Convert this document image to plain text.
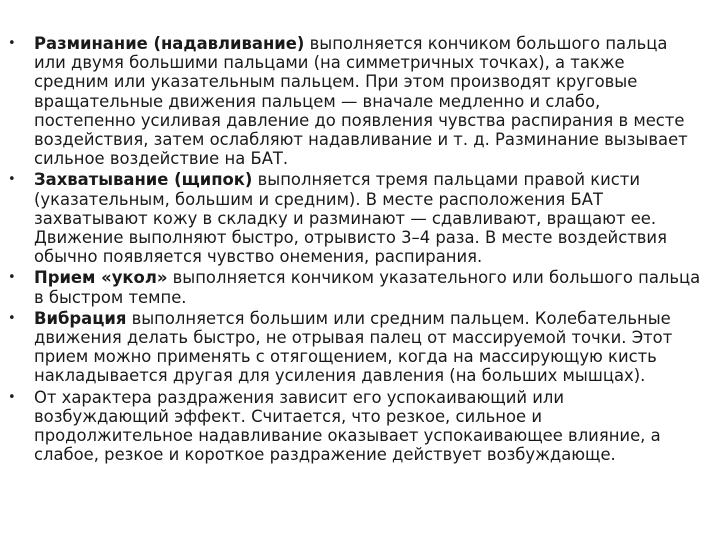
•	Разминание (надавливание) выполняется кончиком большого пальца или двумя большими пальцами (на симметричных точках), а также средним или указательным пальцем. При этом производят круговые вращательные движения пальцем — вначале медленно и слабо, постепенно усиливая давление до появления чувства распирания в месте воздействия, затем ослабляют надавливание и т. д. Разминание вызывает сильное воздействие на БАТ.
•	Захватывание (щипок) выполняется тремя пальцами правой кисти (указательным, большим и средним). В месте расположения БАТ захватывают кожу в складку и разминают — сдавливают, вращают ее. Движение выполняют быстро, отрывисто 3–4 раза. В месте воздействия обычно появляется чувство онемения, распирания.
•	Прием «укол» выполняется кончиком указательного или большого пальца в быстром темпе.
•	Вибрация выполняется большим или средним пальцем. Колебательные движения делать быстро, не отрывая палец от массируемой точки. Этот прием можно применять с отягощением, когда на массирующую кисть накладывается другая для усиления давления (на больших мышцах).
•	От характера раздражения зависит его успокаивающий или возбуждающий эффект. Считается, что резкое, сильное и продолжительное надавливание оказывает успокаивающее влияние, а слабое, резкое и короткое раздражение действует возбуждающе.
